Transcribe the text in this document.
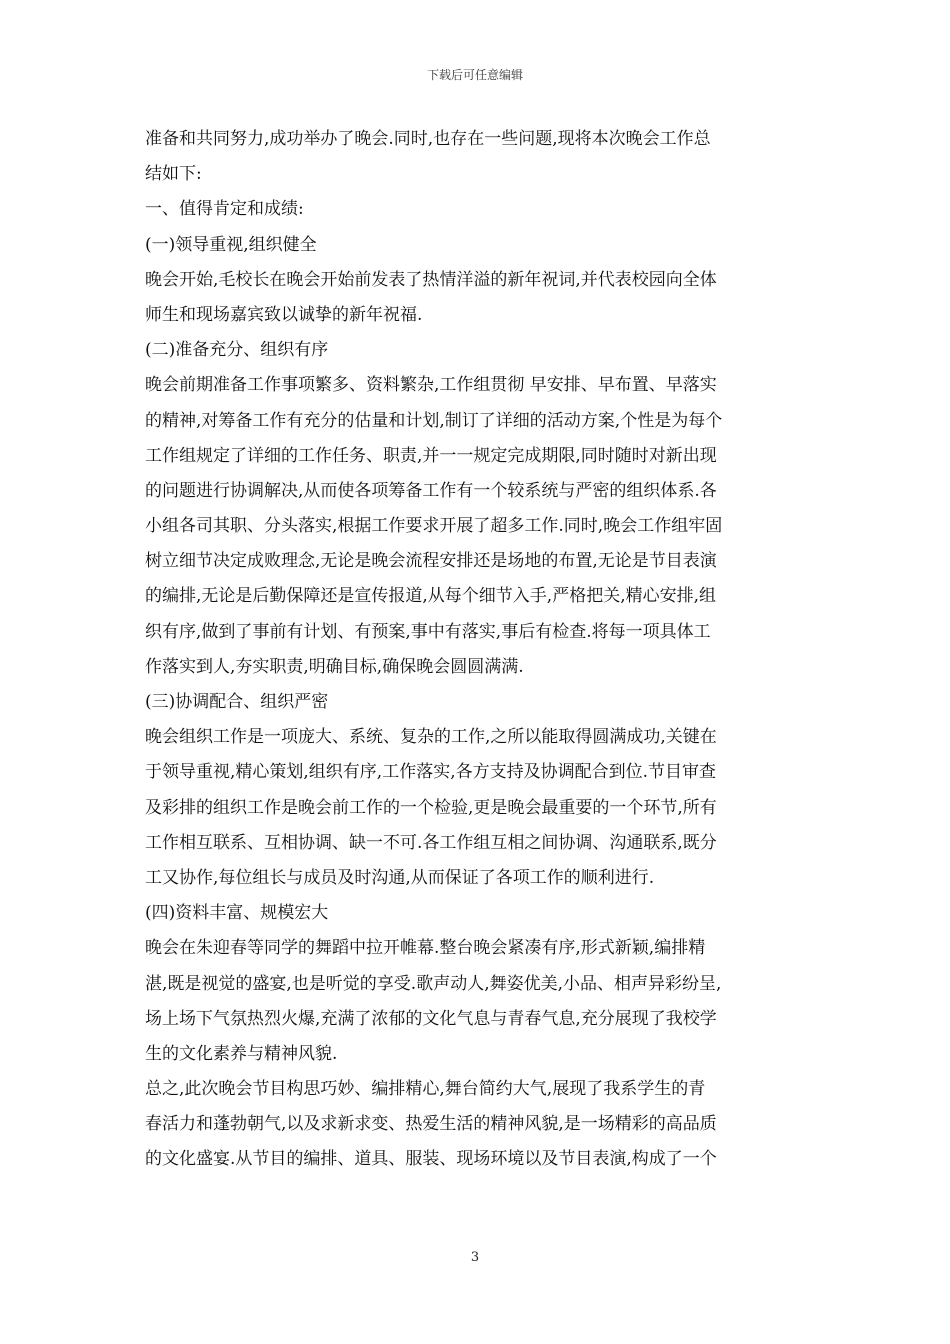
下载后可任意编辑
准备和共同努力,成功举办了晚会.同时,也存在一些问题,现将本次晚会工作总
结如下:
一、值得肯定和成绩:
(一)领导重视,组织健全
晚会开始,毛校长在晚会开始前发表了热情洋溢的新年祝词,并代表校园向全体
师生和现场嘉宾致以诚挚的新年祝福.
(二)准备充分、组织有序
晚会前期准备工作事项繁多、资料繁杂,工作组贯彻 早安排、早布置、早落实
的精神,对筹备工作有充分的估量和计划,制订了详细的活动方案,个性是为每个
工作组规定了详细的工作任务、职责,并一一规定完成期限,同时随时对新出现
的问题进行协调解决,从而使各项筹备工作有一个较系统与严密的组织体系.各
小组各司其职、分头落实,根据工作要求开展了超多工作.同时,晚会工作组牢固
树立细节决定成败理念,无论是晚会流程安排还是场地的布置,无论是节目表演
的编排,无论是后勤保障还是宣传报道,从每个细节入手,严格把关,精心安排,组
织有序,做到了事前有计划、有预案,事中有落实,事后有检查.将每一项具体工
作落实到人,夯实职责,明确目标,确保晚会圆圆满满.
(三)协调配合、组织严密
晚会组织工作是一项庞大、系统、复杂的工作,之所以能取得圆满成功,关键在
于领导重视,精心策划,组织有序,工作落实,各方支持及协调配合到位.节目审查
及彩排的组织工作是晚会前工作的一个检验,更是晚会最重要的一个环节,所有
工作相互联系、互相协调、缺一不可.各工作组互相之间协调、沟通联系,既分
工又协作,每位组长与成员及时沟通,从而保证了各项工作的顺利进行.
(四)资料丰富、规模宏大
晚会在朱迎春等同学的舞蹈中拉开帷幕.整台晚会紧凑有序,形式新颖,编排精
湛,既是视觉的盛宴,也是听觉的享受.歌声动人,舞姿优美,小品、相声异彩纷呈,
场上场下气氛热烈火爆,充满了浓郁的文化气息与青春气息,充分展现了我校学
生的文化素养与精神风貌.
总之,此次晚会节目构思巧妙、编排精心,舞台简约大气,展现了我系学生的青
春活力和蓬勃朝气,以及求新求变、热爱生活的精神风貌,是一场精彩的高品质
的文化盛宴.从节目的编排、道具、服装、现场环境以及节目表演,构成了一个
3
